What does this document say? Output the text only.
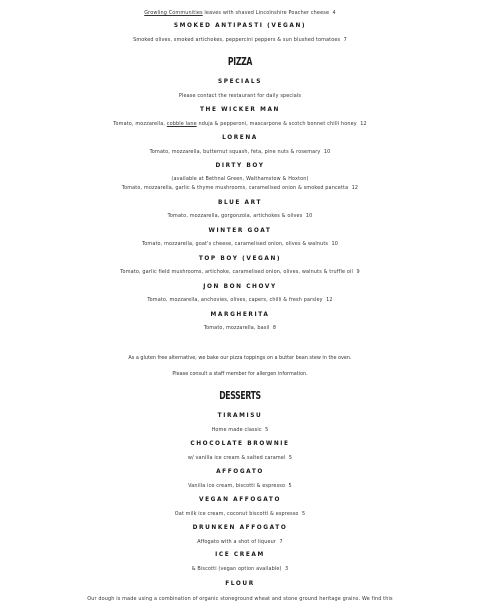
Growling Communities leaves with shaved Lincolnshire Poacher cheese 4
SMOKED ANTIPASTI (VEGAN)
Smoked olives, smoked artichokes, peppercini peppers & sun blushed tomatoes 7
PIZZA
SPECIALS
Please contact the restaurant for daily specials
THE WICKER MAN
Tomato, mozzarella, cobble lane nduja & pepperoni, mascarpone & scotch bonnet chilli honey 12
LORENA
Tomato, mozzarella, butternut squash, feta, pine nuts & rosemary 10
DIRTY BOY
(available at Bethnal Green, Walthamstow & Hoxton)
Tomato, mozzarella, garlic & thyme mushrooms, caramelised onion & smoked pancetta 12
BLUE ART
Tomato, mozzarella, gorgonzola, artichokes & olives 10
WINTER GOAT
Tomato, mozzarella, goat's cheese, caramelised onion, olives & walnuts 10
TOP BOY (VEGAN)
Tomato, garlic field mushrooms, artichoke, caramelised onion, olives, walnuts & truffle oil 9
JON BON CHOVY
Tomato, mozzarella, anchovies, olives, capers, chilli & fresh parsley 12
MARGHERITA
Tomato, mozzarella, basil 8
As a gluten free alternative, we bake our pizza toppings on a butter bean stew in the oven.
Please consult a staff member for allergen information.
DESSERTS
TIRAMISU
Home made classic 5
CHOCOLATE BROWNIE
w/ vanilla ice cream & salted caramel 5
AFFOGATO
Vanilla ice cream, biscotti & espresso 5
VEGAN AFFOGATO
Oat milk ice cream, coconut biscotti & espresso 5
DRUNKEN AFFOGATO
Affogato with a shot of liqueur 7
ICE CREAM
& Biscotti (vegan option available) 3
FLOUR
Our dough is made using a combination of organic stoneground wheat and stone ground heritage grains. We find this
